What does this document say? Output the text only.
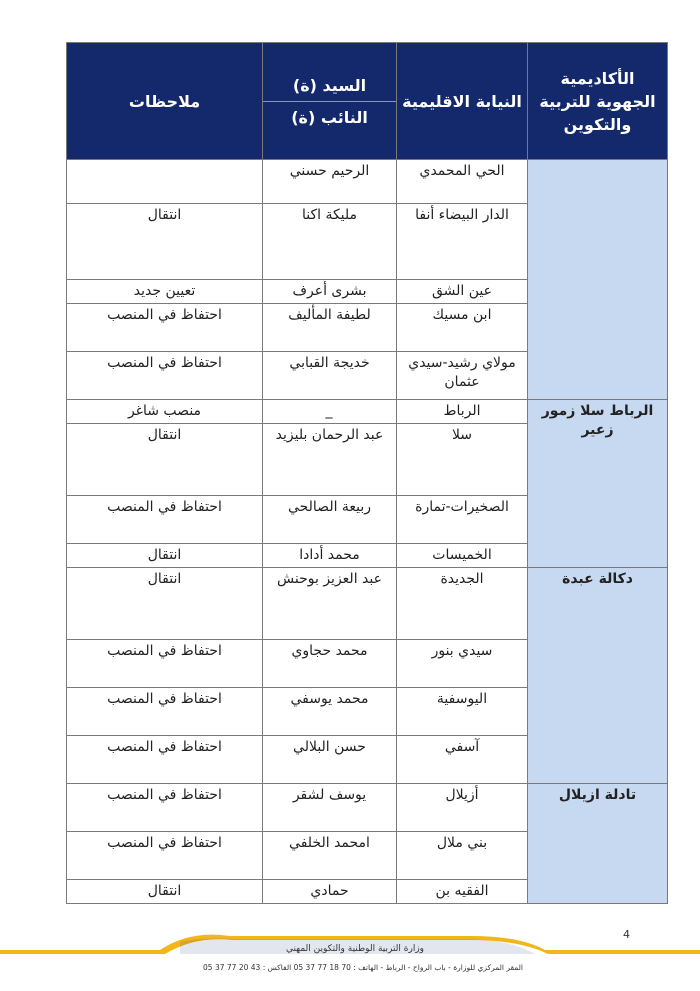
الأكاديمية الجهوية للتربية والتكوين	النيابة الاقليمية	السيد (ة)
النائب (ة)	ملاحظات
	الحي المحمدي	الرحيم حسني	
	الدار البيضاء أنفا	مليكة اكنا	انتقال
	عين الشق	بشرى أعرف	تعيين جديد
	ابن مسيك	لطيفة المأليف	احتفاظ في المنصب
	مولاي رشيد-سيدي عثمان	خديجة القبابي	احتفاظ في المنصب
الرباط سلا زمور زعير	الرباط	_	منصب شاغر
	سلا	عبد الرحمان بليزيد	انتقال
	الصخيرات-تمارة	ربيعة الصالحي	احتفاظ في المنصب
	الخميسات	محمد أدادا	انتقال
دكالة عبدة	الجديدة	عبد العزيز بوحنش	انتقال
	سيدي بنور	محمد حجاوي	احتفاظ في المنصب
	اليوسفية	محمد يوسفي	احتفاظ في المنصب
	آسفي	حسن البلالي	احتفاظ في المنصب
تادلة ازيلال	أزيلال	يوسف لشقر	احتفاظ في المنصب
	بني ملال	امحمد الخلفي	احتفاظ في المنصب
	الفقيه بن	حمادي	انتقال
4
وزارة التربية الوطنية والتكوين المهني
المقر المركزي للوزارة - باب الرواح - الرباط - الهاتف : 70 18 77 37 05 الفاكس : 43 20 77 37 05
